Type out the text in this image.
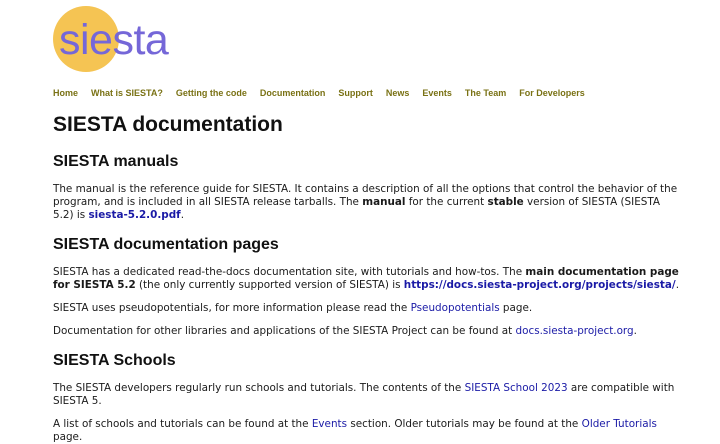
siesta
Home What is SIESTA? Getting the code Documentation Support News Events The Team For Developers
SIESTA documentation
SIESTA manuals

The manual is the reference guide for SIESTA. It contains a description of all the options that control the behavior of the program, and is included in all SIESTA release tarballs. The manual for the current stable version of SIESTA (SIESTA 5.2) is siesta-5.2.0.pdf.

SIESTA documentation pages

SIESTA has a dedicated read-the-docs documentation site, with tutorials and how-tos. The main documentation page for SIESTA 5.2 (the only currently supported version of SIESTA) is https://docs.siesta-project.org/projects/siesta/.

SIESTA uses pseudopotentials, for more information please read the Pseudopotentials page.

Documentation for other libraries and applications of the SIESTA Project can be found at docs.siesta-project.org.

SIESTA Schools

The SIESTA developers regularly run schools and tutorials. The contents of the SIESTA School 2023 are compatible with SIESTA 5.

A list of schools and tutorials can be found at the Events section. Older tutorials may be found at the Older Tutorials page.
